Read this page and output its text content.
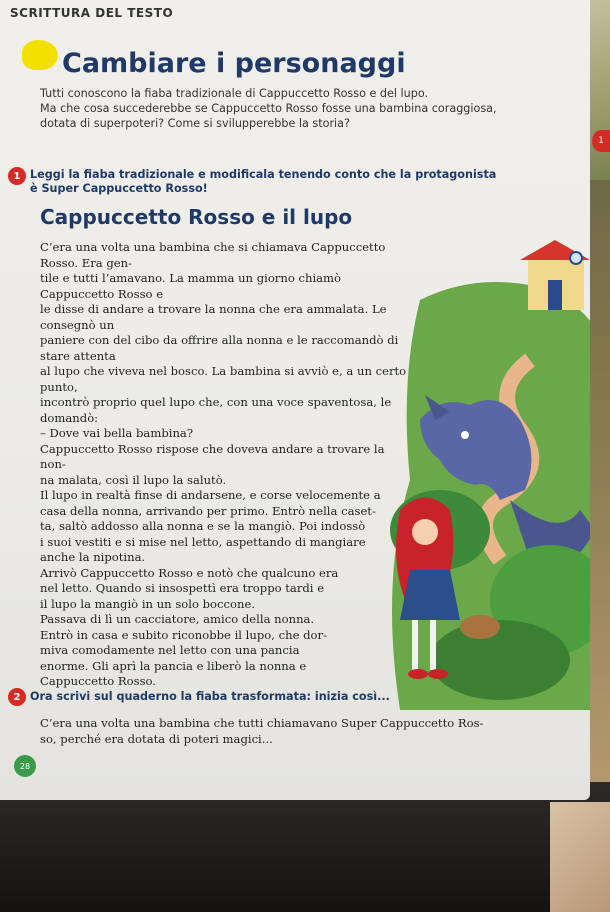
SCRITTURA DEL TESTO
Cambiare i personaggi
Tutti conoscono la fiaba tradizionale di Cappuccetto Rosso e del lupo.
Ma che cosa succederebbe se Cappuccetto Rosso fosse una bambina coraggiosa,
dotata di superpoteri? Come si svilupperebbe la storia?
1 Leggi la fiaba tradizionale e modificala tenendo conto che la protagonista
è Super Cappuccetto Rosso!
Cappuccetto Rosso e il lupo

C’era una volta una bambina che si chiamava Cappuccetto Rosso. Era gen-

tile e tutti l’amavano. La mamma un giorno chiamò Cappuccetto Rosso e

le disse di andare a trovare la nonna che era ammalata. Le consegnò un

paniere con del cibo da offrire alla nonna e le raccomandò di stare attenta

al lupo che viveva nel bosco. La bambina si avviò e, a un certo punto,

incontrò proprio quel lupo che, con una voce spaventosa, le domandò:

– Dove vai bella bambina?

Cappuccetto Rosso rispose che doveva andare a trovare la non-

na malata, così il lupo la salutò.

Il lupo in realtà finse di andarsene, e corse velocemente a

casa della nonna, arrivando per primo. Entrò nella caset-

ta, saltò addosso alla nonna e se la mangiò. Poi indossò

i suoi vestiti e si mise nel letto, aspettando di mangiare

anche la nipotina.

Arrivò Cappuccetto Rosso e notò che qualcuno era

nel letto. Quando si insospettì era troppo tardi e

il lupo la mangiò in un solo boccone.

Passava di lì un cacciatore, amico della nonna.

Entrò in casa e subito riconobbe il lupo, che dor-

miva comodamente nel letto con una pancia

enorme. Gli aprì la pancia e liberò la nonna e

Cappuccetto Rosso.

2 Ora scrivi sul quaderno la fiaba trasformata: inizia così...
C’era una volta una bambina che tutti chiamavano Super Cappuccetto Ros-
so, perché era dotata di poteri magici...
28
1
